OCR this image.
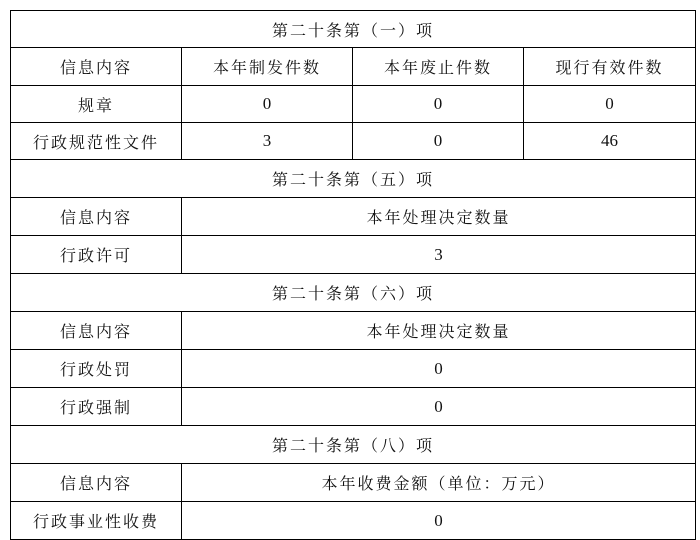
第二十条第（一）项			
信息内容	本年制发件数	本年废止件数	现行有效件数
规章	0	0	0
行政规范性文件	3	0	46
第二十条第（五）项			
信息内容	本年处理决定数量		
行政许可	3		
第二十条第（六）项			
信息内容	本年处理决定数量		
行政处罚	0		
行政强制	0		
第二十条第（八）项			
信息内容	本年收费金额（单位：万元）		
行政事业性收费	0		
